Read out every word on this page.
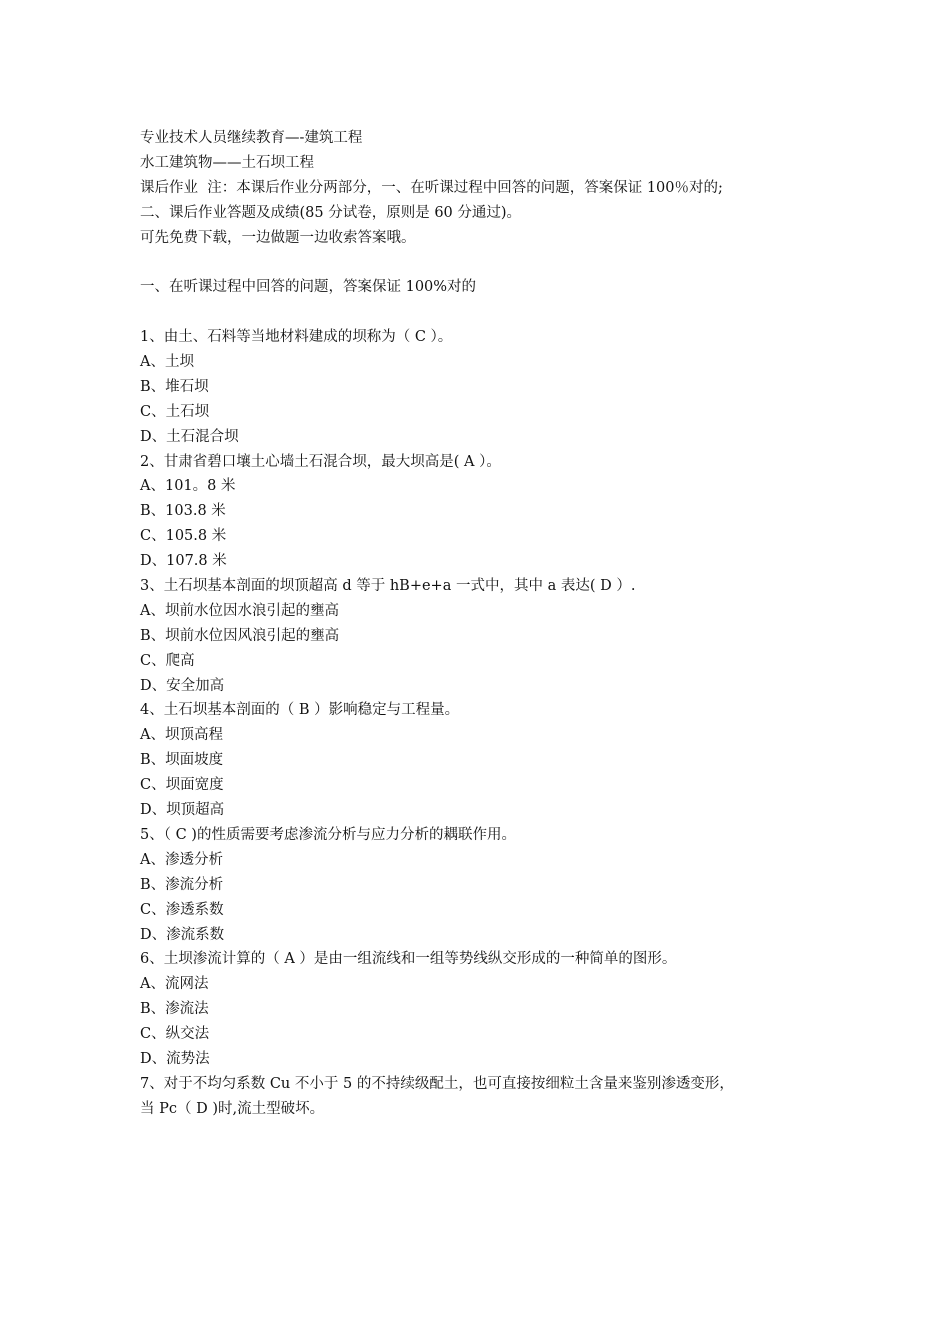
专业技术人员继续教育—-建筑工程
水工建筑物——土石坝工程
课后作业  注：本课后作业分两部分，一、在听课过程中回答的问题，答案保证 100％对的;
二、课后作业答题及成绩(85 分试卷，原则是 60 分通过)。
可先免费下载，一边做题一边收索答案哦。
一、在听课过程中回答的问题，答案保证 100%对的
1、由土、石料等当地材料建成的坝称为（ C ）。
A、土坝
B、堆石坝
C、土石坝
D、土石混合坝
2、甘肃省碧口壤土心墙土石混合坝，最大坝高是( A ）。
A、101。8 米
B、103.8 米
C、105.8 米
D、107.8 米
3、土石坝基本剖面的坝顶超高 d 等于 hB+e+a 一式中，其中 a 表达( D ）.
A、坝前水位因水浪引起的壅高
B、坝前水位因风浪引起的壅高
C、爬高
D、安全加高
4、土石坝基本剖面的（ B ）影响稳定与工程量。
A、坝顶高程
B、坝面坡度
C、坝面宽度
D、坝顶超高
5、（ C )的性质需要考虑渗流分析与应力分析的耦联作用。
A、渗透分析
B、渗流分析
C、渗透系数
D、渗流系数
6、土坝渗流计算的（ A ）是由一组流线和一组等势线纵交形成的一种简单的图形。
A、流网法
B、渗流法
C、纵交法
D、流势法
7、对于不均匀系数 Cu 不小于 5 的不持续级配土，也可直接按细粒土含量来鉴别渗透变形，
当 Pc（ D )时,流土型破坏。
